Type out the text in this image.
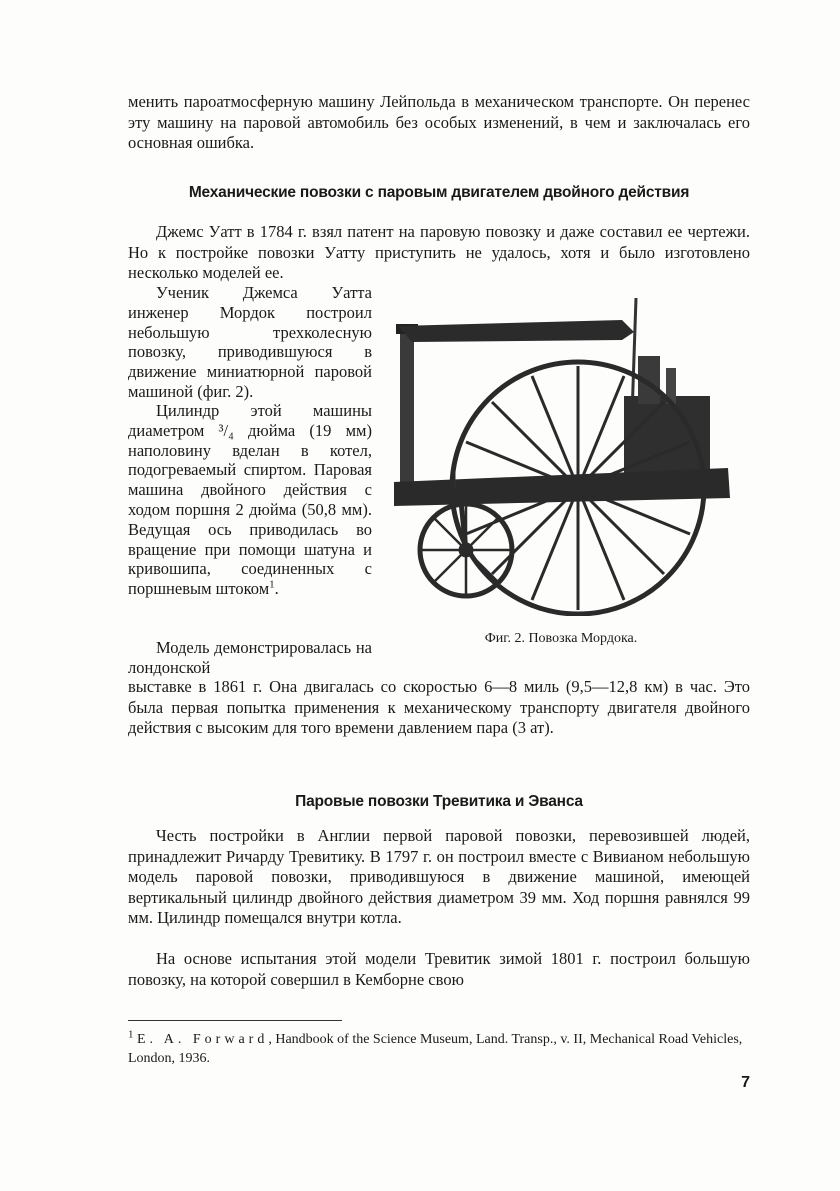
менить пароатмосферную машину Лейпольда в механическом транспорте. Он перенес эту машину на паровой автомобиль без особых изменений, в чем и заключалась его основная ошибка.

Механические повозки с паровым двигателем двойного действия

Джемс Уатт в 1784 г. взял патент на паровую повозку и даже составил ее чертежи. Но к постройке повозки Уатту приступить не удалось, хотя и было изготовлено несколько моделей ее.

Ученик Джемса Уатта инженер Мордок построил небольшую трехколесную повозку, приводившуюся в движение миниатюрной паровой машиной (фиг. 2).

Цилиндр этой машины диаметром ³/₄ дюйма (19 мм) наполовину вделан в котел, подогреваемый спиртом. Паровая машина двойного действия с ходом поршня 2 дюйма (50,8 мм). Ведущая ось приводилась во вращение при помощи шатуна и кривошипа, соединенных с поршневым штоком$^1$.

Модель демонстрировалась на лондонской

выставке в 1861 г. Она двигалась со скоростью 6—8 миль (9,5—12,8 км) в час. Это была первая попытка применения к механическому транспорту двигателя двойного действия с высоким для того времени давлением пара (3 ат).

Фиг. 2. Повозка Мордока.

Паровые повозки Тревитика и Эванса

Честь постройки в Англии первой паровой повозки, перевозившей людей, принадлежит Ричарду Тревитику. В 1797 г. он построил вместе с Вивианом небольшую модель паровой повозки, приводившуюся в движение машиной, имеющей вертикальный цилиндр двойного действия диаметром 39 мм. Ход поршня равнялся 99 мм. Цилиндр помещался внутри котла.

На основе испытания этой модели Тревитик зимой 1801 г. построил большую повозку, на которой совершил в Кемборне свою

$^1$ E. A. Forward, Handbook of the Science Museum, Land. Transp., v. II, Mechanical Road Vehicles, London, 1936.

7
